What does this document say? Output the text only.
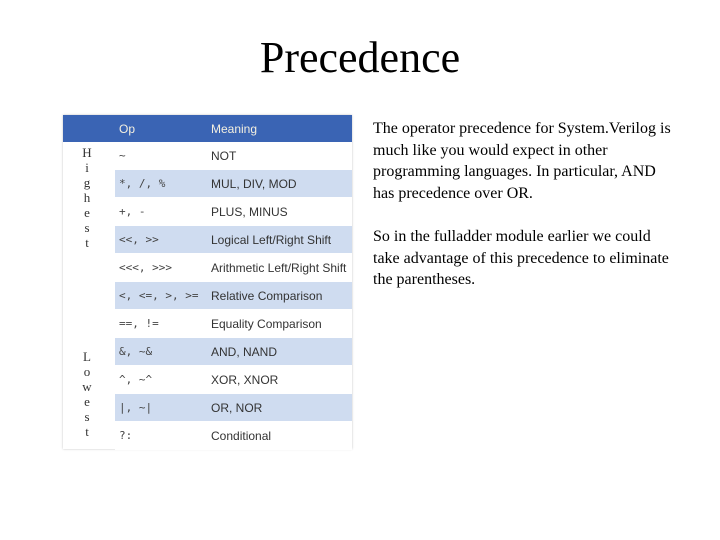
Precedence
Op	Meaning
H
i
g
h
e
s
t
L
o
w
e
s
t
~	NOT
*, /, %	MUL, DIV, MOD
+, -	PLUS, MINUS
<<, >>	Logical Left/Right Shift
<<<, >>>	Arithmetic Left/Right Shift
<, <=, >, >= Relative Comparison
==, !=	Equality Comparison
&, ~&	AND, NAND
^, ~^	XOR, XNOR
|, ~|	OR, NOR
?:	Conditional

The operator precedence for System.Verilog is much like you would expect in other programming languages. In particular, AND has precedence over OR.

So in the fulladder module earlier we could take advantage of this precedence to eliminate the parentheses.
